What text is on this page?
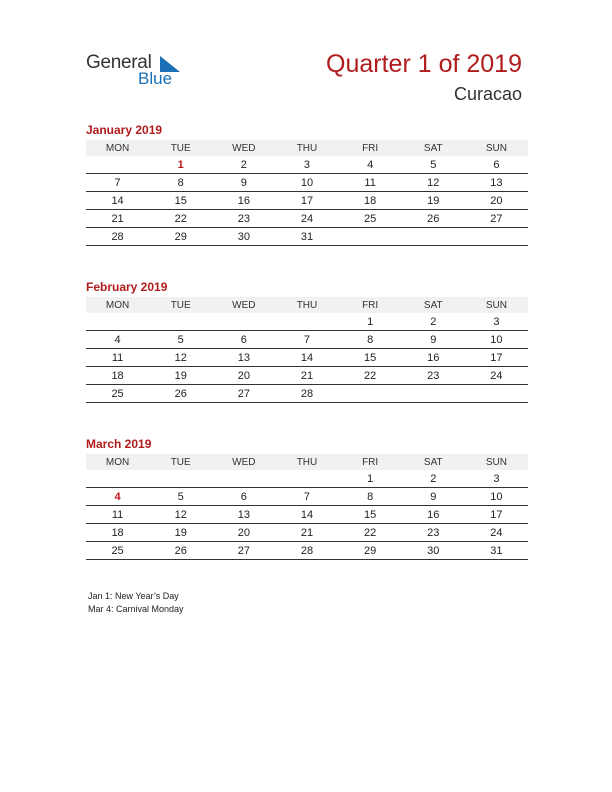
General
Blue
Quarter 1 of 2019
Curacao
January 2019
MON	TUE	WED	THU	FRI	SAT	SUN
	1	2	3	4	5	6
7	8	9	10	11	12	13
14	15	16	17	18	19	20
21	22	23	24	25	26	27
28	29	30	31			
February 2019
MON	TUE	WED	THU	FRI	SAT	SUN
				1	2	3
4	5	6	7	8	9	10
11	12	13	14	15	16	17
18	19	20	21	22	23	24
25	26	27	28			
March 2019
MON	TUE	WED	THU	FRI	SAT	SUN
				1	2	3
4	5	6	7	8	9	10
11	12	13	14	15	16	17
18	19	20	21	22	23	24
25	26	27	28	29	30	31
Jan 1: New Year’s Day
Mar 4: Carnival Monday
